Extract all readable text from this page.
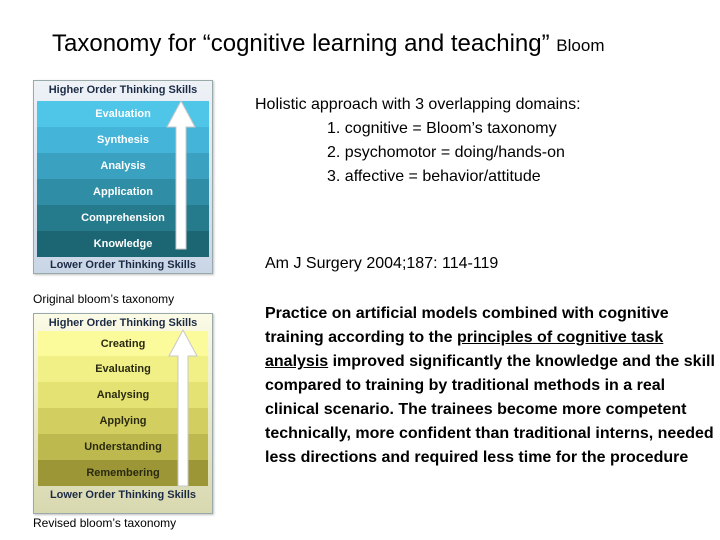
Taxonomy for “cognitive learning and teaching” Bloom
Higher Order Thinking Skills
Evaluation
Synthesis
Analysis
Application
Comprehension
Knowledge
Lower Order Thinking Skills
Original bloom’s taxonomy
Higher Order Thinking Skills
Creating
Evaluating
Analysing
Applying
Understanding
Remembering
Lower Order Thinking Skills
Revised bloom’s taxonomy
Holistic approach with 3 overlapping domains:
1. cognitive = Bloom’s taxonomy
2. psychomotor = doing/hands-on
3. affective = behavior/attitude
Am J Surgery 2004;187: 114-119
Practice on artificial models combined with cognitive training according to the principles of cognitive task analysis improved significantly the knowledge and the skill compared to training by traditional methods in a real clinical scenario. The trainees become more competent technically, more confident than traditional interns, needed less directions and required less time for the procedure
